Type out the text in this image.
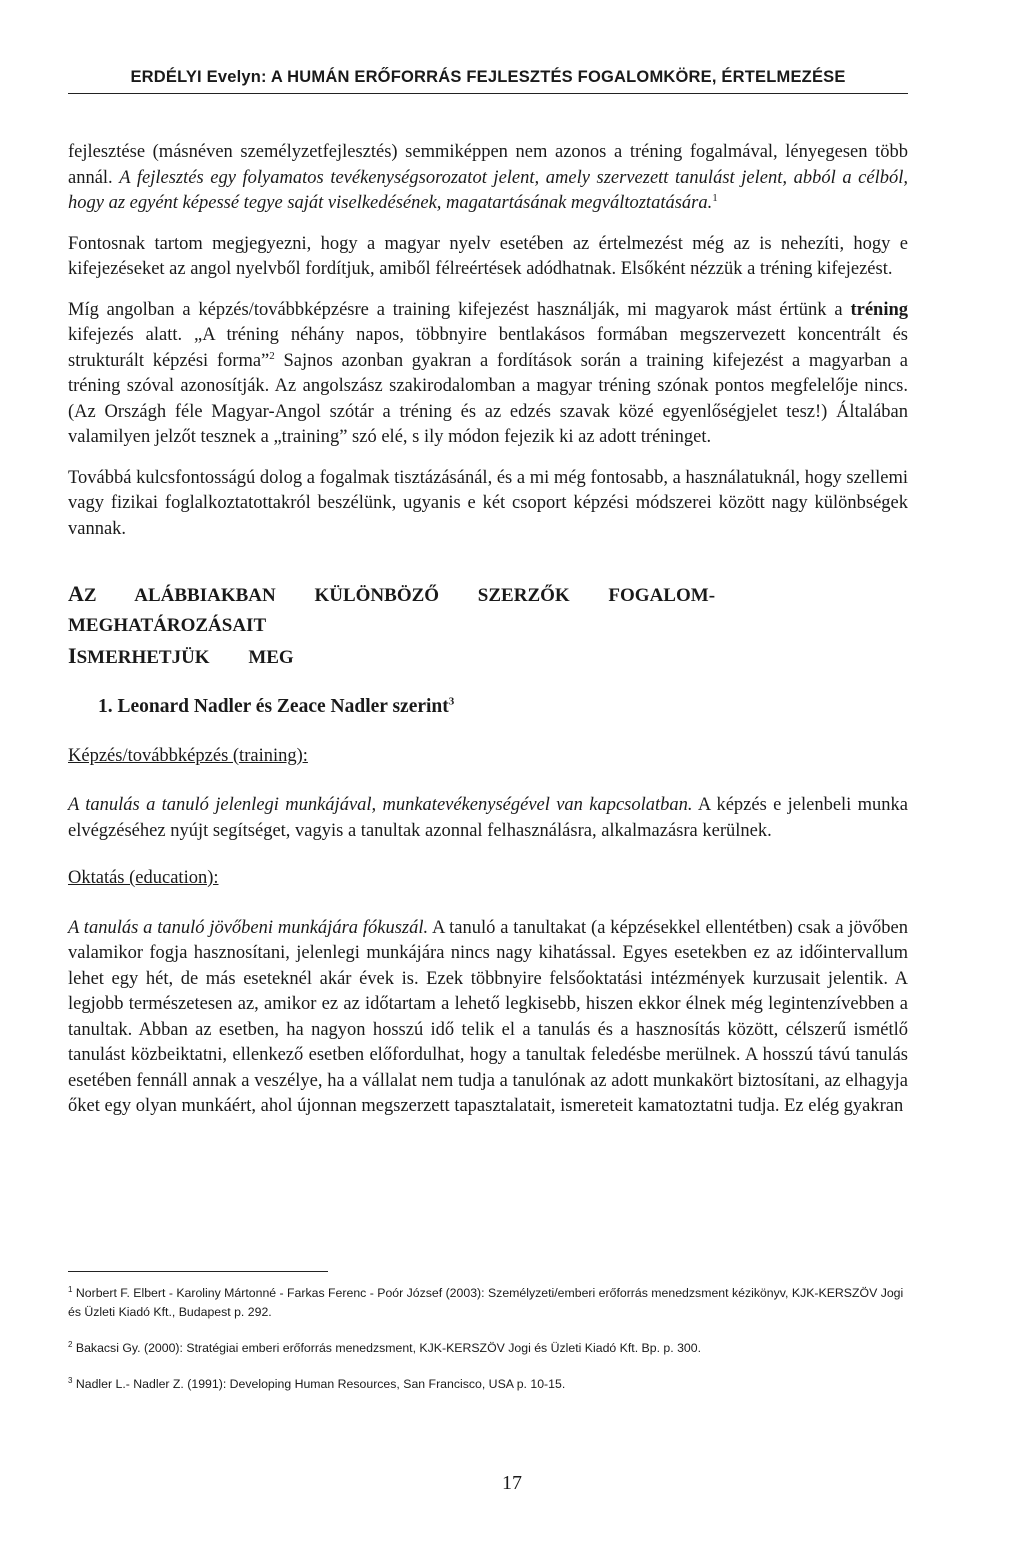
ERDÉLYI Evelyn: A HUMÁN ERŐFORRÁS FEJLESZTÉS FOGALOMKÖRE, ÉRTELMEZÉSE

fejlesztése (másnéven személyzetfejlesztés) semmiképpen nem azonos a tréning fogalmával, lényegesen több annál. A fejlesztés egy folyamatos tevékenységsorozatot jelent, amely szervezett tanulást jelent, abból a célból, hogy az egyént képessé tegye saját viselkedésének, magatartásának megváltoztatására.$^1$

Fontosnak tartom megjegyezni, hogy a magyar nyelv esetében az értelmezést még az is nehezíti, hogy e kifejezéseket az angol nyelvből fordítjuk, amiből félreértések adódhatnak. Elsőként nézzük a tréning kifejezést.

Míg angolban a képzés/továbbképzésre a training kifejezést használják, mi magyarok mást értünk a tréning kifejezés alatt. „A tréning néhány napos, többnyire bentlakásos formában megszervezett koncentrált és strukturált képzési forma”$^2$ Sajnos azonban gyakran a fordítások során a training kifejezést a magyarban a tréning szóval azonosítják. Az angolszász szakirodalomban a magyar tréning szónak pontos megfelelője nincs. (Az Országh féle Magyar-Angol szótár a tréning és az edzés szavak közé egyenlőségjelet tesz!) Általában valamilyen jelzőt tesznek a „training” szó elé, s ily módon fejezik ki az adott tréninget.

Továbbá kulcsfontosságú dolog a fogalmak tisztázásánál, és a mi még fontosabb, a használatuknál, hogy szellemi vagy fizikai foglalkoztatottakról beszélünk, ugyanis e két csoport képzési módszerei között nagy különbségek vannak.

AZ ALÁBBIAKBAN KÜLÖNBÖZŐ SZERZŐK FOGALOM-MEGHATÁROZÁSAIT
ISMERHETJÜK MEG
1. Leonard Nadler és Zeace Nadler szerint$^3$
Képzés/továbbképzés (training):

A tanulás a tanuló jelenlegi munkájával, munkatevékenységével van kapcsolatban. A képzés e jelenbeli munka elvégzéséhez nyújt segítséget, vagyis a tanultak azonnal felhasználásra, alkalmazásra kerülnek.

Oktatás (education):

A tanulás a tanuló jövőbeni munkájára fókuszál. A tanuló a tanultakat (a képzésekkel ellentétben) csak a jövőben valamikor fogja hasznosítani, jelenlegi munkájára nincs nagy kihatással. Egyes esetekben ez az időintervallum lehet egy hét, de más eseteknél akár évek is. Ezek többnyire felsőoktatási intézmények kurzusait jelentik. A legjobb természetesen az, amikor ez az időtartam a lehető legkisebb, hiszen ekkor élnek még legintenzívebben a tanultak. Abban az esetben, ha nagyon hosszú idő telik el a tanulás és a hasznosítás között, célszerű ismétlő tanulást közbeiktatni, ellenkező esetben előfordulhat, hogy a tanultak feledésbe merülnek. A hosszú távú tanulás esetében fennáll annak a veszélye, ha a vállalat nem tudja a tanulónak az adott munkakört biztosítani, az elhagyja őket egy olyan munkáért, ahol újonnan megszerzett tapasztalatait, ismereteit kamatoztatni tudja. Ez elég gyakran

$^1$ Norbert F. Elbert - Karoliny Mártonné - Farkas Ferenc - Poór József (2003): Személyzeti/emberi erőforrás menedzsment kézikönyv, KJK-KERSZÖV Jogi és Üzleti Kiadó Kft., Budapest p. 292.
$^2$ Bakacsi Gy. (2000): Stratégiai emberi erőforrás menedzsment, KJK-KERSZÖV Jogi és Üzleti Kiadó Kft. Bp. p. 300.
$^3$ Nadler L.- Nadler Z. (1991): Developing Human Resources, San Francisco, USA p. 10-15.
17
